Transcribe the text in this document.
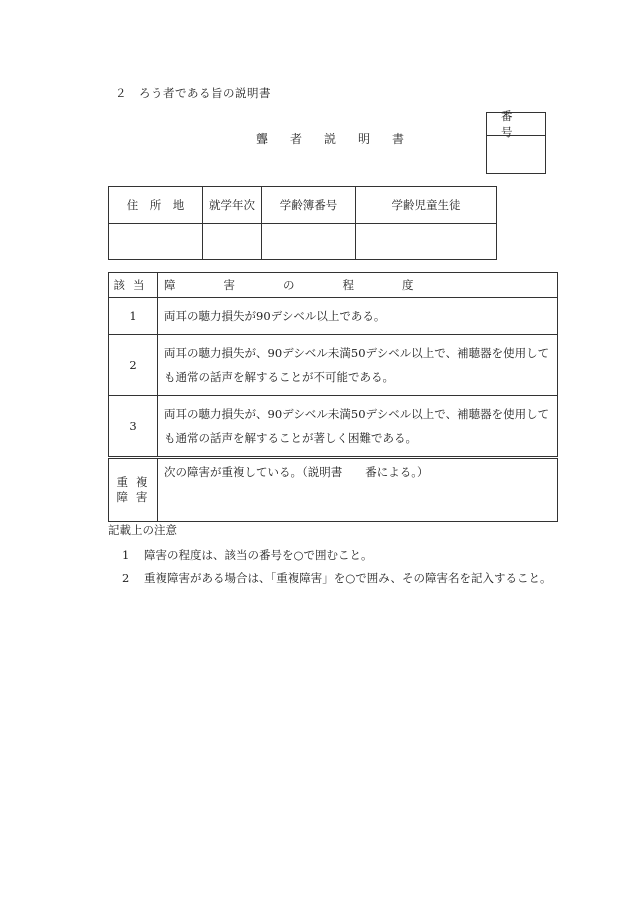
２　ろう者である旨の説明書
聾者説明書
番号
住　所　地	就学年次	学齢簿番号	学齢児童生徒

該当	障害の程度
1	両耳の聴力損失が90デシベル以上である。
2	両耳の聴力損失が、90デシベル未満50デシベル以上で、補聴器を使用して
も通常の話声を解することが不可能である。

3	両耳の聴力損失が、90デシベル未満50デシベル以上で、補聴器を使用して
も通常の話声を解することが著しく困難である。

重複
障害	次の障害が重複している。（説明書　　番による。）
記載上の注意
1 障害の程度は、該当の番号を○で囲むこと。
2 重複障害がある場合は、「重複障害」を○で囲み、その障害名を記入すること。
